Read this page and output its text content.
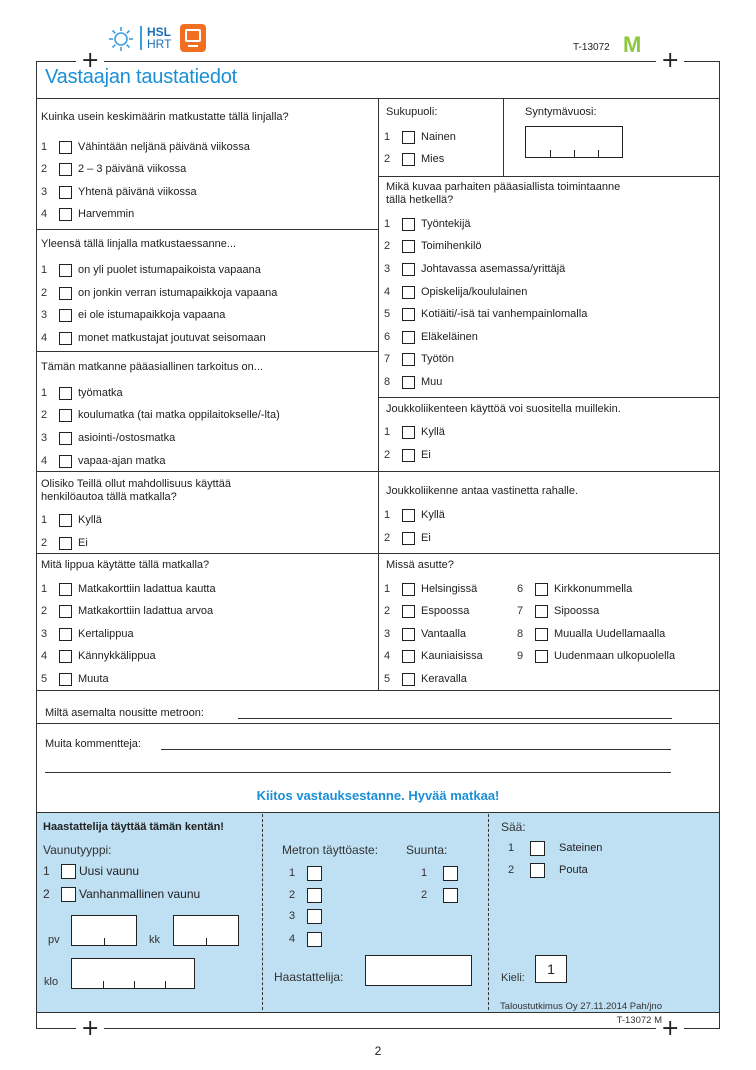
HSL
HRT	T-13072 M
+	+
Vastaajan taustatiedot
Kuinka usein keskimäärin matkustatte tällä linjalla?
1	Vähintään neljänä päivänä viikossa
2	2 – 3 päivänä viikossa
3	Yhtenä päivänä viikossa
4	Harvemmin
Yleensä tällä linjalla matkustaessanne...
1	on yli puolet istumapaikoista vapaana
2	on jonkin verran istumapaikkoja vapaana
3	ei ole istumapaikkoja vapaana
4	monet matkustajat joutuvat seisomaan
Tämän matkanne pääasiallinen tarkoitus on...
1	työmatka
2	koulumatka (tai matka oppilaitokselle/-lta)
3	asiointi-/ostosmatka
4	vapaa-ajan matka
Olisiko Teillä ollut mahdollisuus käyttää
henkilöautoa tällä matkalla?
1	Kyllä
2	Ei
Mitä lippua käytätte tällä matkalla?
1	Matkakorttiin ladattua kautta
2	Matkakorttiin ladattua arvoa
3	Kertalippua
4	Kännykkälippua
5	Muuta
Sukupuoli:
1	Nainen
2	Mies
Syntymävuosi:
Mikä kuvaa parhaiten pääasiallista toimintaanne
tällä hetkellä?
1	Työntekijä
2	Toimihenkilö
3	Johtavassa asemassa/yrittäjä
4	Opiskelija/koululainen
5	Kotiäiti/-isä tai vanhempainlomalla
6	Eläkeläinen
7	Työtön
8	Muu
Joukkoliikenteen käyttöä voi suositella muillekin.
1	Kyllä
2	Ei
Joukkoliikenne antaa vastinetta rahalle.
1	Kyllä
2	Ei
Missä asutte?
1	Helsingissä
2	Espoossa
3	Vantaalla
4	Kauniaisissa
5	Keravalla
6	Kirkkonummella
7	Sipoossa
8	Muualla Uudellamaalla
9	Uudenmaan ulkopuolella
Miltä asemalta nousitte metroon:
Muita kommentteja:
Kiitos vastauksestanne. Hyvää matkaa!
Haastattelija täyttää tämän kentän!
Vaunutyyppi:
1	Uusi vaunu
2	Vanhanmallinen vaunu
pv	kk
klo
Metron täyttöaste: Suunta:
1
2
3
4
1
2
Haastattelija:
Sää:
1	Sateinen
2	Pouta
Kieli:
1
Taloustutkimus Oy 27.11.2014 Pah/jno
T-13072 M
+	+
2
